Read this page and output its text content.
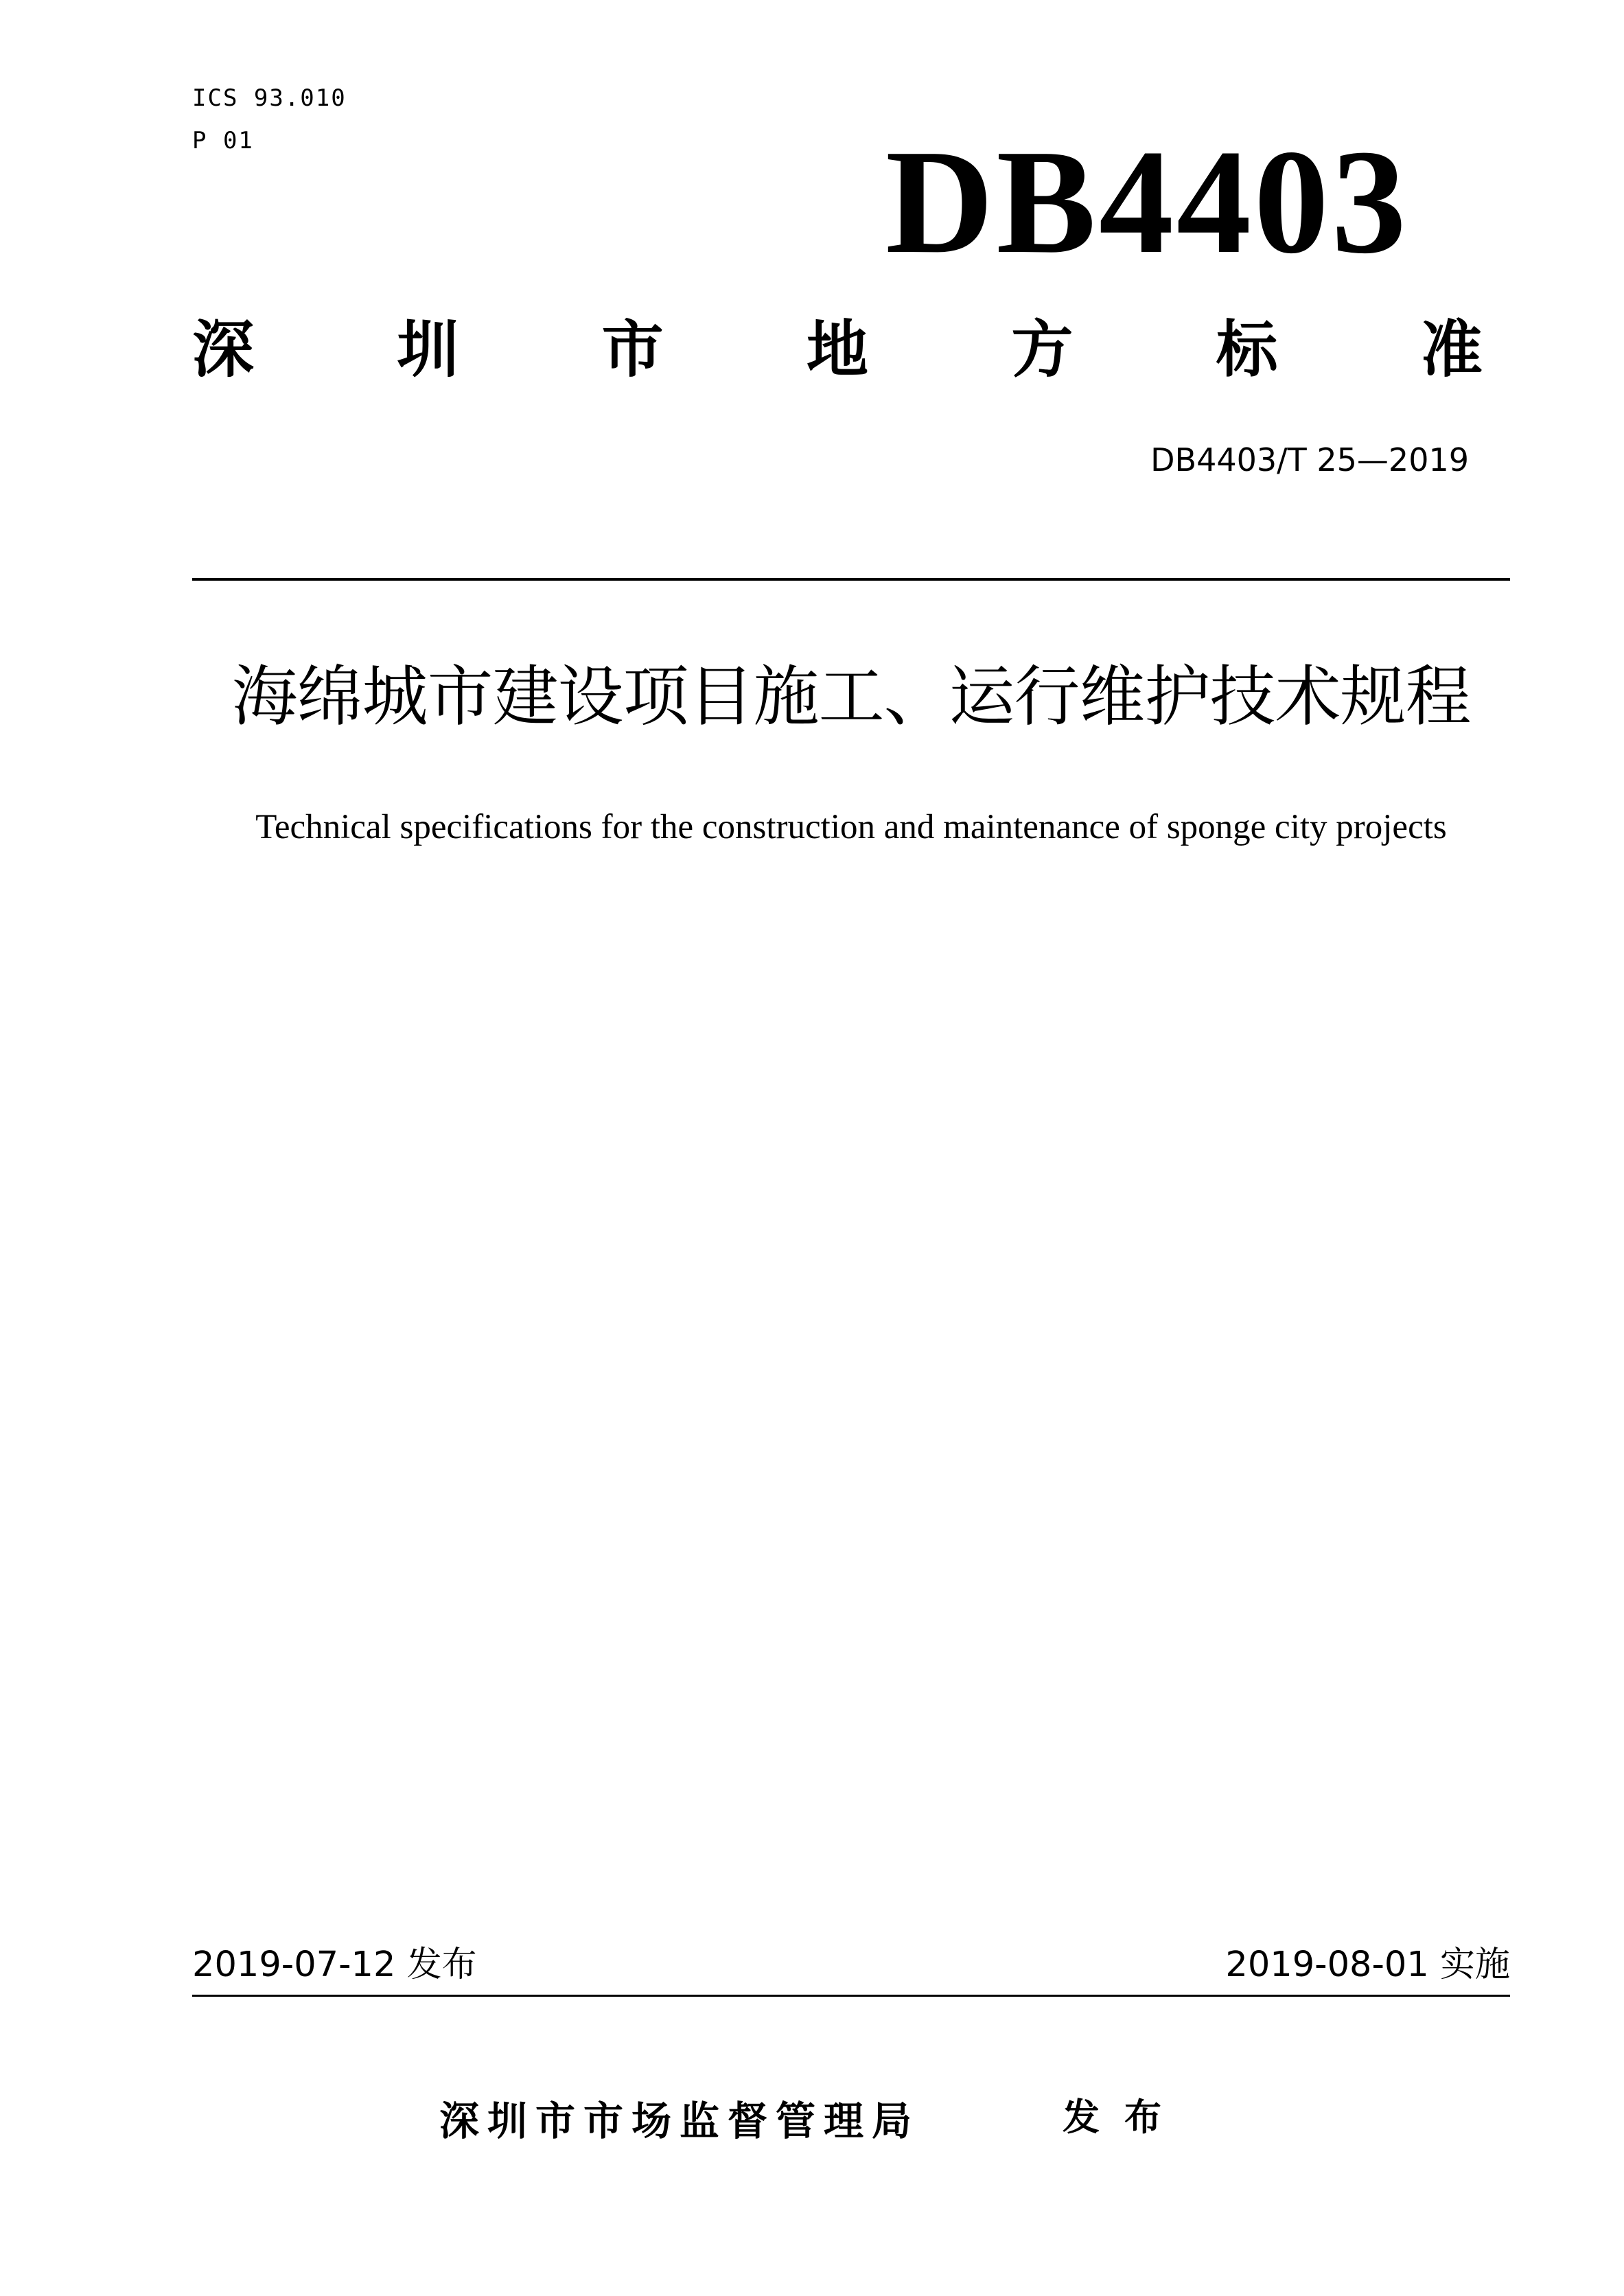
ICS 93.010
P 01	DB4403
深 圳 市 地 方 标 准
DB4403/T 25—2019
海绵城市建设项目施工、运行维护技术规程
Technical specifications for the construction and maintenance of sponge city projects
2019-07-12 发布	2019-08-01 实施
深圳市市场监督管理局	发布
